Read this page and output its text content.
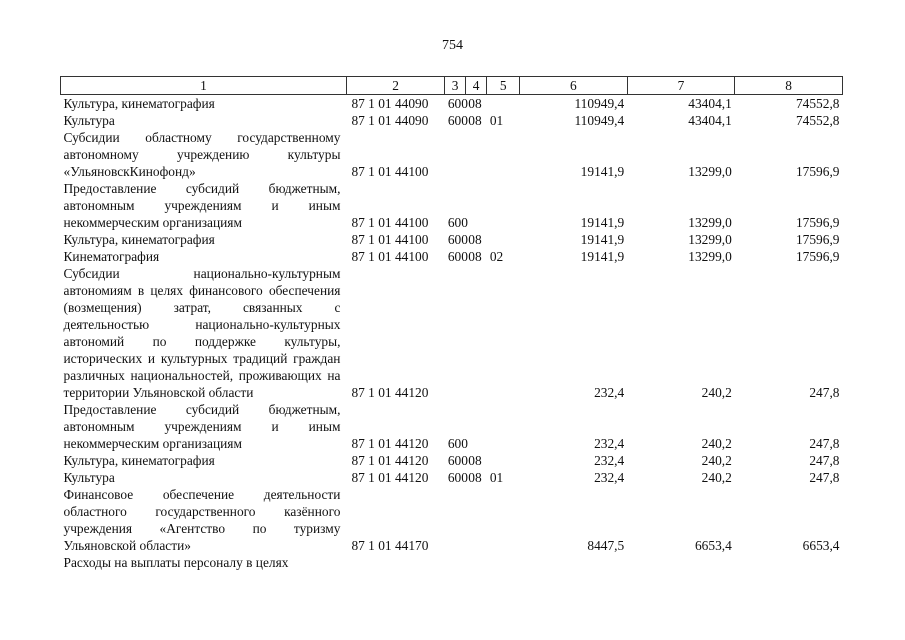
754
1	2	3	4	5	6	7	8
Культура, кинематография	87 1 01 44090	600	08		110949,4	43404,1	74552,8
Культура	87 1 01 44090	600	08	01	110949,4	43404,1	74552,8
Субсидии областному государственному автономному учреждению культуры «УльяновскКинофонд»	87 1 01 44100				19141,9	13299,0	17596,9
Предоставление субсидий бюджетным, автономным учреждениям и иным некоммерческим организациям	87 1 01 44100	600			19141,9	13299,0	17596,9
Культура, кинематография	87 1 01 44100	600	08		19141,9	13299,0	17596,9
Кинематография	87 1 01 44100	600	08	02	19141,9	13299,0	17596,9
Субсидии национально-культурным автономиям в целях финансового обеспечения (возмещения) затрат, связанных с деятельностью национально-культурных автономий по поддержке культуры, исторических и культурных традиций граждан различных национальностей, проживающих на территории Ульяновской области	87 1 01 44120				232,4	240,2	247,8
Предоставление субсидий бюджетным, автономным учреждениям и иным некоммерческим организациям	87 1 01 44120	600			232,4	240,2	247,8
Культура, кинематография	87 1 01 44120	600	08		232,4	240,2	247,8
Культура	87 1 01 44120	600	08	01	232,4	240,2	247,8
Финансовое обеспечение деятельности областного государственного казённого учреждения «Агентство по туризму Ульяновской области»	87 1 01 44170				8447,5	6653,4	6653,4
Расходы на выплаты персоналу в целях							
